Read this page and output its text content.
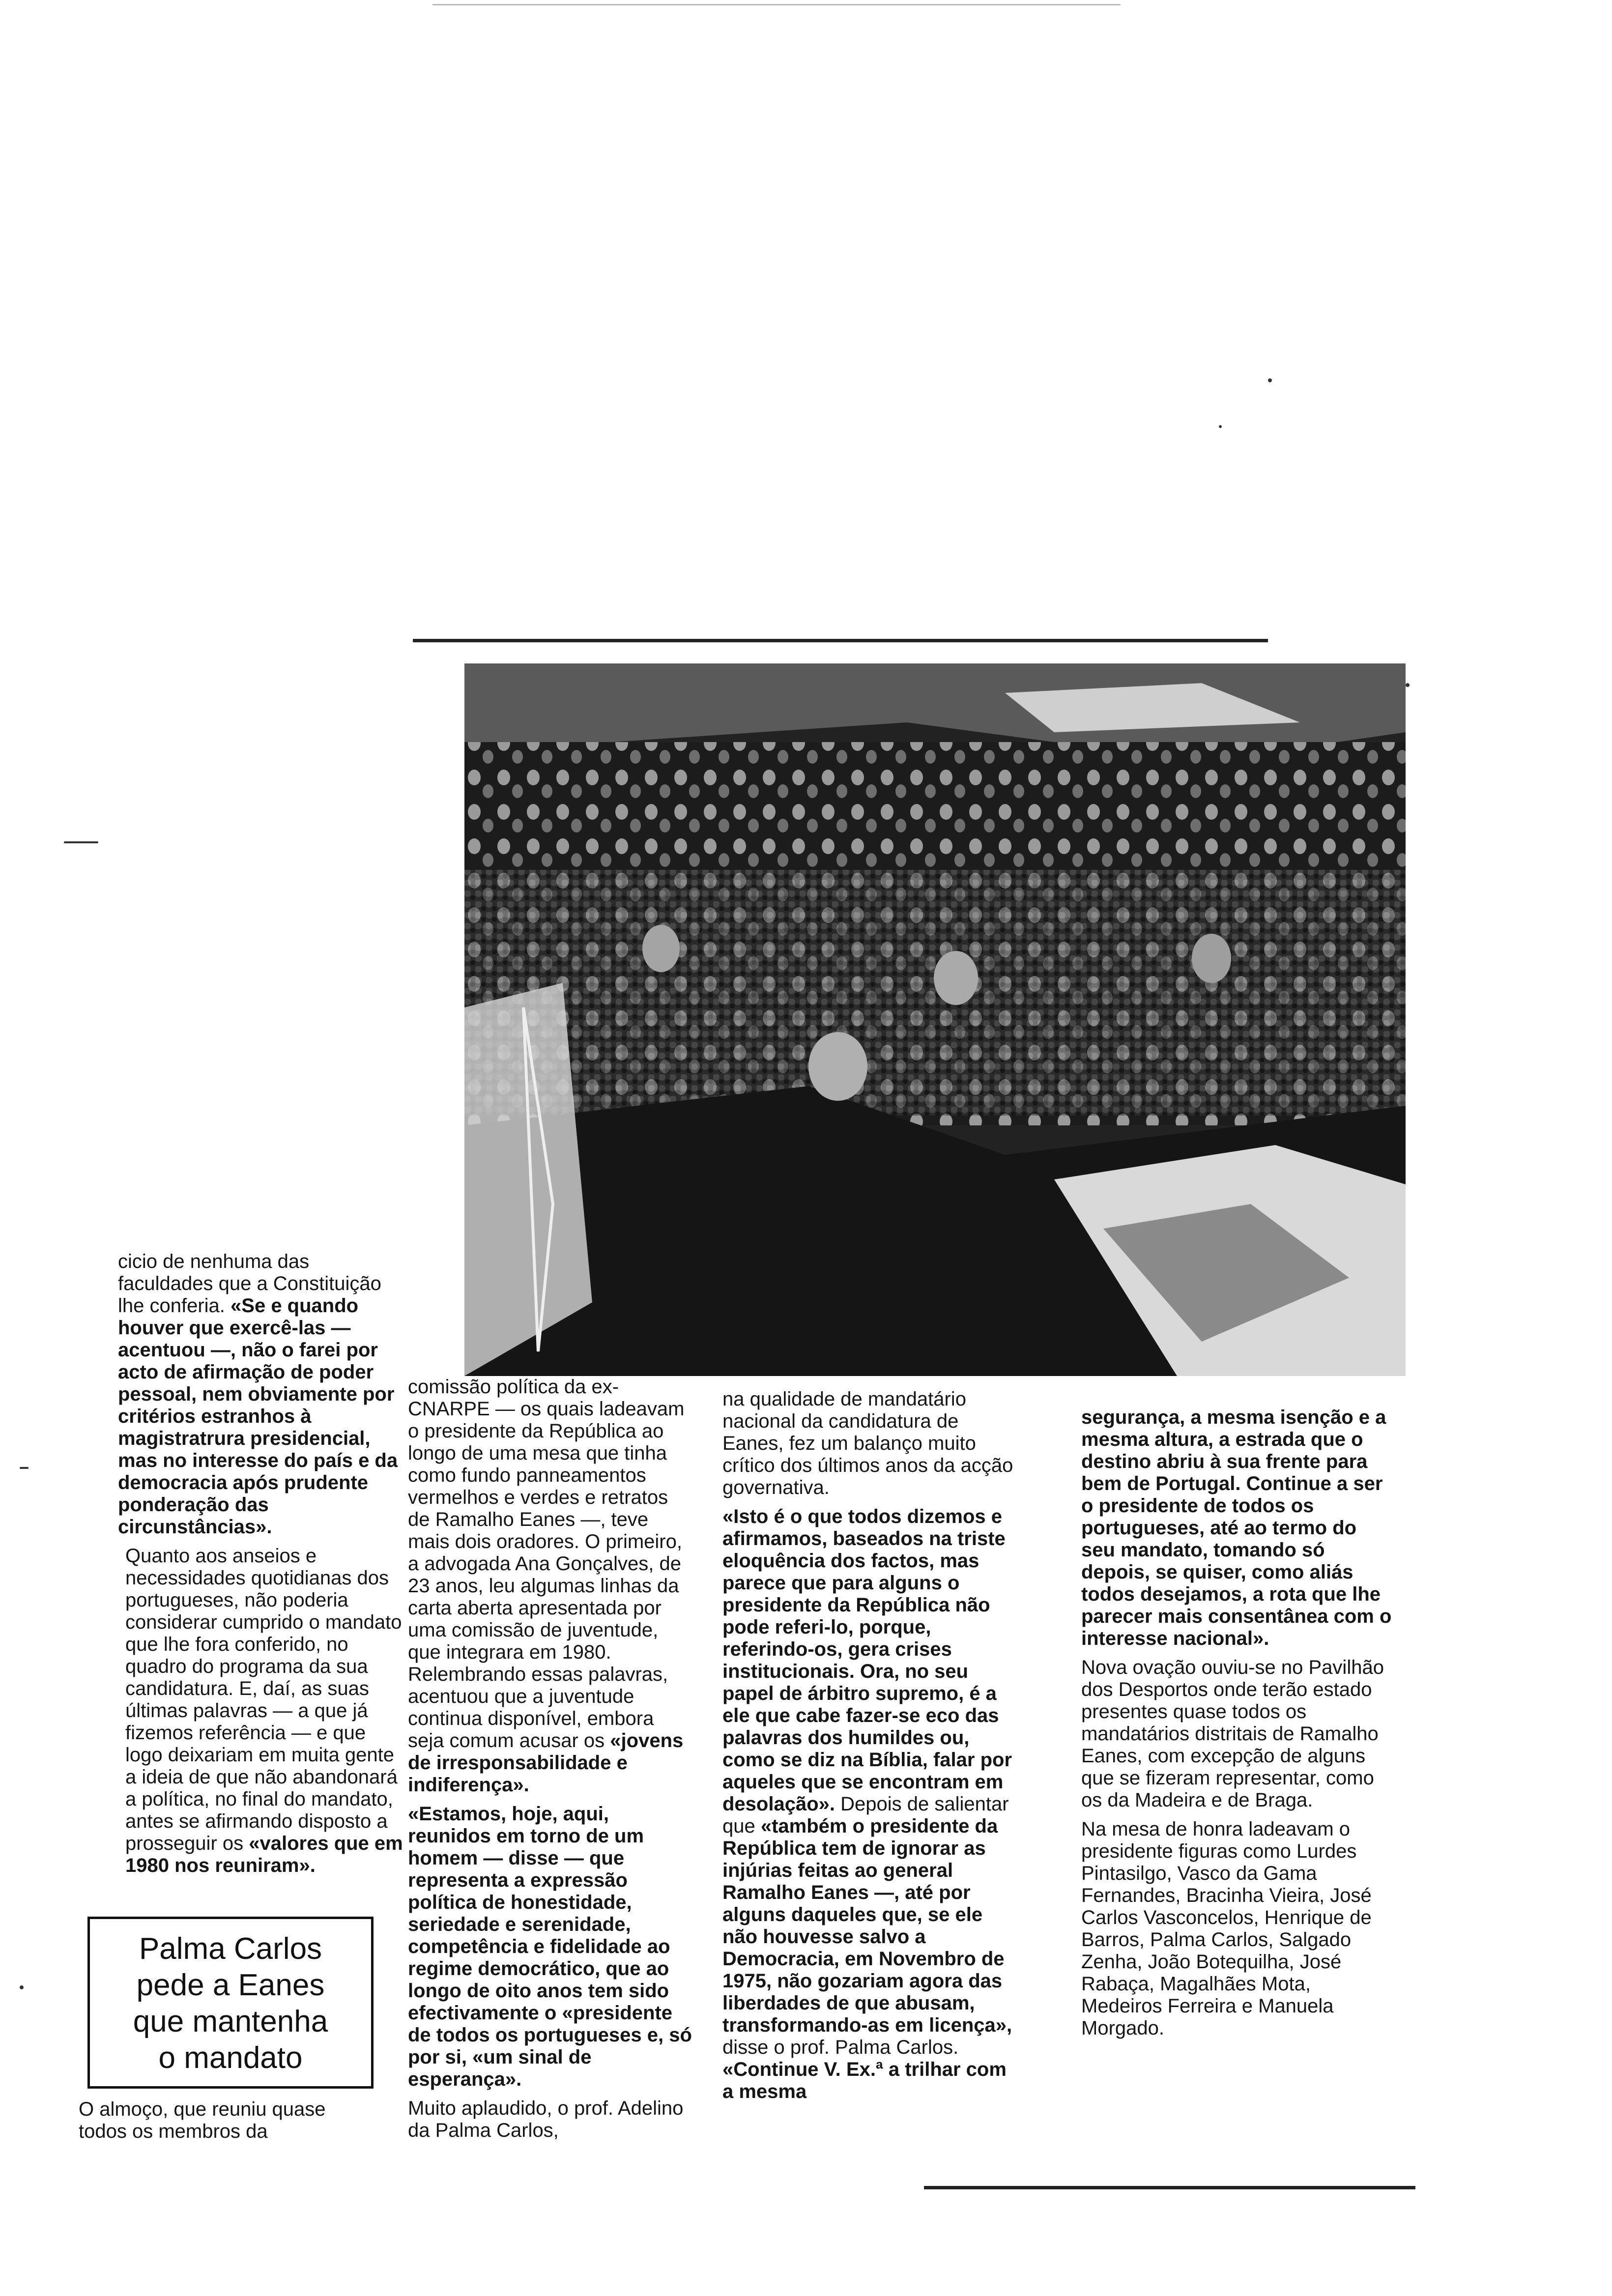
cicio de nenhuma das faculdades que a Constituição lhe conferia. «Se e quando houver que exercê-las — acentuou —, não o farei por acto de afirmação de poder pessoal, nem obviamente por critérios estranhos à magistratrura presidencial, mas no interesse do país e da democracia após prudente ponderação das circunstâncias».

Quanto aos anseios e necessidades quotidianas dos portugueses, não poderia considerar cumprido o mandato que lhe fora conferido, no quadro do programa da sua candidatura. E, daí, as suas últimas palavras — a que já fizemos referência — e que logo deixariam em muita gente a ideia de que não abandonará a política, no final do mandato, antes se afirmando disposto a prosseguir os «valores que em 1980 nos reuniram».

Palma Carlos
pede a Eanes
que mantenha
o mandato

O almoço, que reuniu quase todos os membros da

comissão política da ex-CNARPE — os quais ladeavam o presidente da República ao longo de uma mesa que tinha como fundo panneamentos vermelhos e verdes e retratos de Ramalho Eanes —, teve mais dois oradores. O primeiro, a advogada Ana Gonçalves, de 23 anos, leu algumas linhas da carta aberta apresentada por uma comissão de juventude, que integrara em 1980. Relembrando essas palavras, acentuou que a juventude continua disponível, embora seja comum acusar os «jovens de irresponsabilidade e indiferença».

«Estamos, hoje, aqui, reunidos em torno de um homem — disse — que representa a expressão política de honestidade, seriedade e serenidade, competência e fidelidade ao regime democrático, que ao longo de oito anos tem sido efectivamente o «presidente de todos os portugueses e, só por si, «um sinal de esperança».

Muito aplaudido, o prof. Adelino da Palma Carlos,

na qualidade de mandatário nacional da candidatura de Eanes, fez um balanço muito crítico dos últimos anos da acção governativa.

«Isto é o que todos dizemos e afirmamos, baseados na triste eloquência dos factos, mas parece que para alguns o presidente da República não pode referi-lo, porque, referindo-os, gera crises institucionais. Ora, no seu papel de árbitro supremo, é a ele que cabe fazer-se eco das palavras dos humildes ou, como se diz na Bíblia, falar por aqueles que se encontram em desolação». Depois de salientar que «também o presidente da República tem de ignorar as injúrias feitas ao general Ramalho Eanes —, até por alguns daqueles que, se ele não houvesse salvo a Democracia, em Novembro de 1975, não gozariam agora das liberdades de que abusam, transformando-as em licença», disse o prof. Palma Carlos. «Continue V. Ex.ª a trilhar com a mesma

segurança, a mesma isenção e a mesma altura, a estrada que o destino abriu à sua frente para bem de Portugal. Continue a ser o presidente de todos os portugueses, até ao termo do seu mandato, tomando só depois, se quiser, como aliás todos desejamos, a rota que lhe parecer mais consentânea com o interesse nacional».

Nova ovação ouviu-se no Pavilhão dos Desportos onde terão estado presentes quase todos os mandatários distritais de Ramalho Eanes, com excepção de alguns que se fizeram representar, como os da Madeira e de Braga.

Na mesa de honra ladeavam o presidente figuras como Lurdes Pintasilgo, Vasco da Gama Fernandes, Bracinha Vieira, José Carlos Vasconcelos, Henrique de Barros, Palma Carlos, Salgado Zenha, João Botequilha, José Rabaça, Magalhães Mota, Medeiros Ferreira e Manuela Morgado.
